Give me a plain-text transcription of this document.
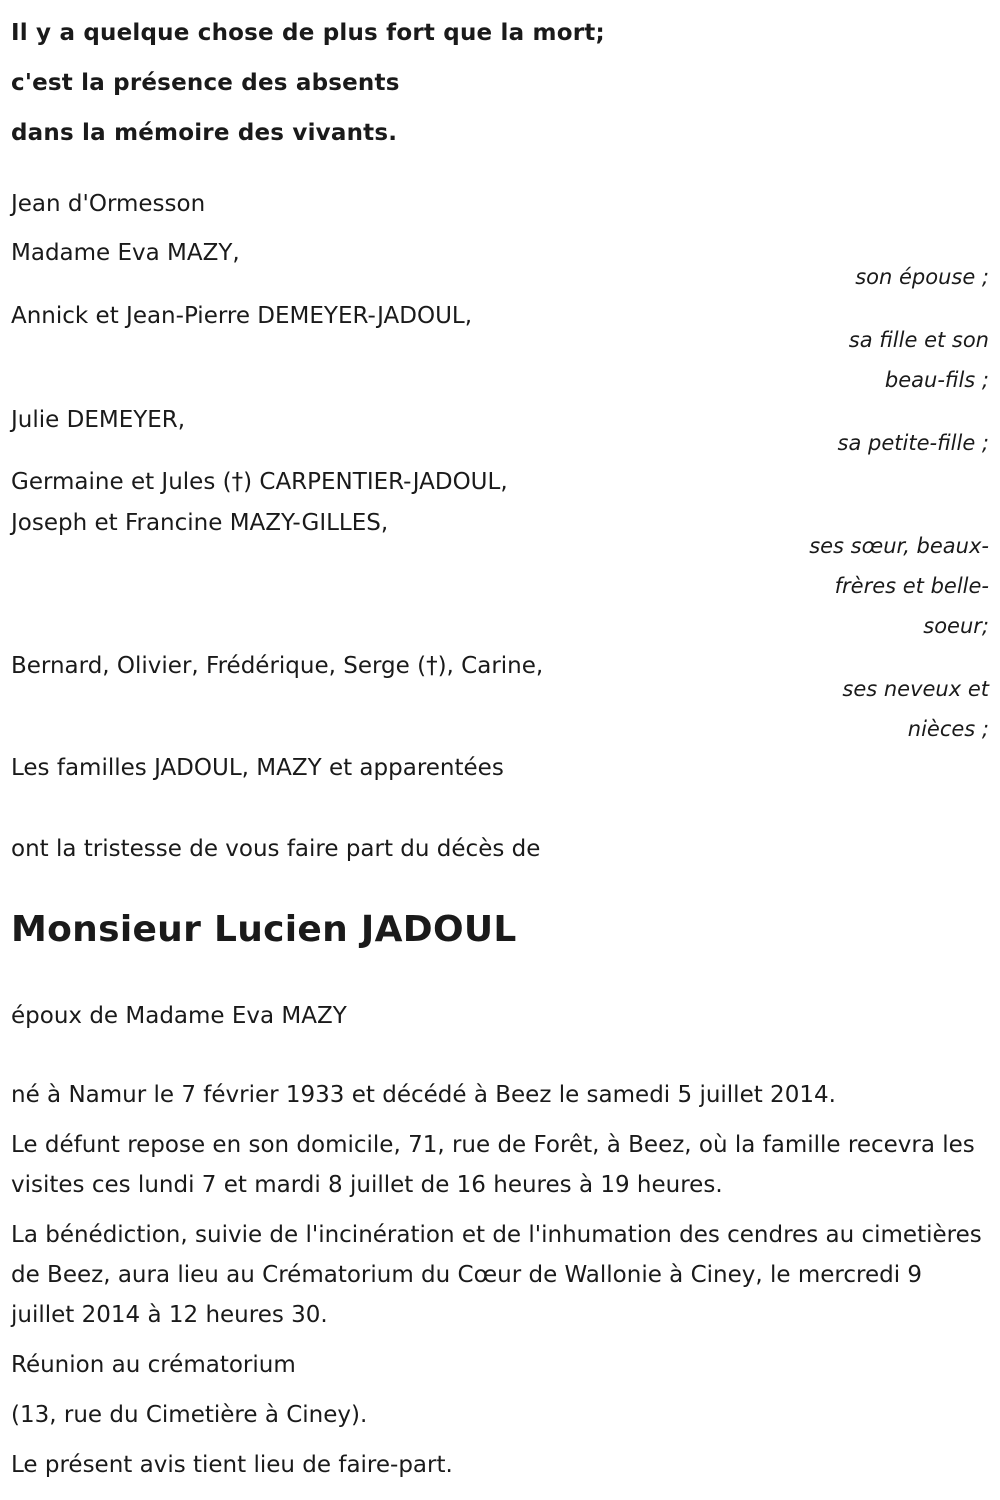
Il y a quelque chose de plus fort que la mort;
c'est la présence des absents
dans la mémoire des vivants.
Jean d'Ormesson
Madame Eva MAZY,
son épouse ;
Annick et Jean-Pierre DEMEYER-JADOUL,
sa fille et son beau-fils ;
Julie DEMEYER,
sa petite-fille ;
Germaine et Jules (†) CARPENTIER-JADOUL,
Joseph et Francine MAZY-GILLES,
ses sœur, beaux-frères et belle-soeur;
Bernard, Olivier, Frédérique, Serge (†), Carine,
ses neveux et nièces ;
Les familles JADOUL, MAZY et apparentées
ont la tristesse de vous faire part du décès de
Monsieur Lucien JADOUL
époux de Madame Eva MAZY

né à Namur le 7 février 1933 et décédé à Beez le samedi 5 juillet 2014.

Le défunt repose en son domicile, 71, rue de Forêt, à Beez, où la famille recevra les visites ces lundi 7 et mardi 8 juillet de 16 heures à 19 heures.

La bénédiction, suivie de l'incinération et de l'inhumation des cendres au cimetières de Beez, aura lieu au Crématorium du Cœur de Wallonie à Ciney, le mercredi 9 juillet 2014 à 12 heures 30.

Réunion au crématorium

(13, rue du Cimetière à Ciney).

Le présent avis tient lieu de faire-part.
